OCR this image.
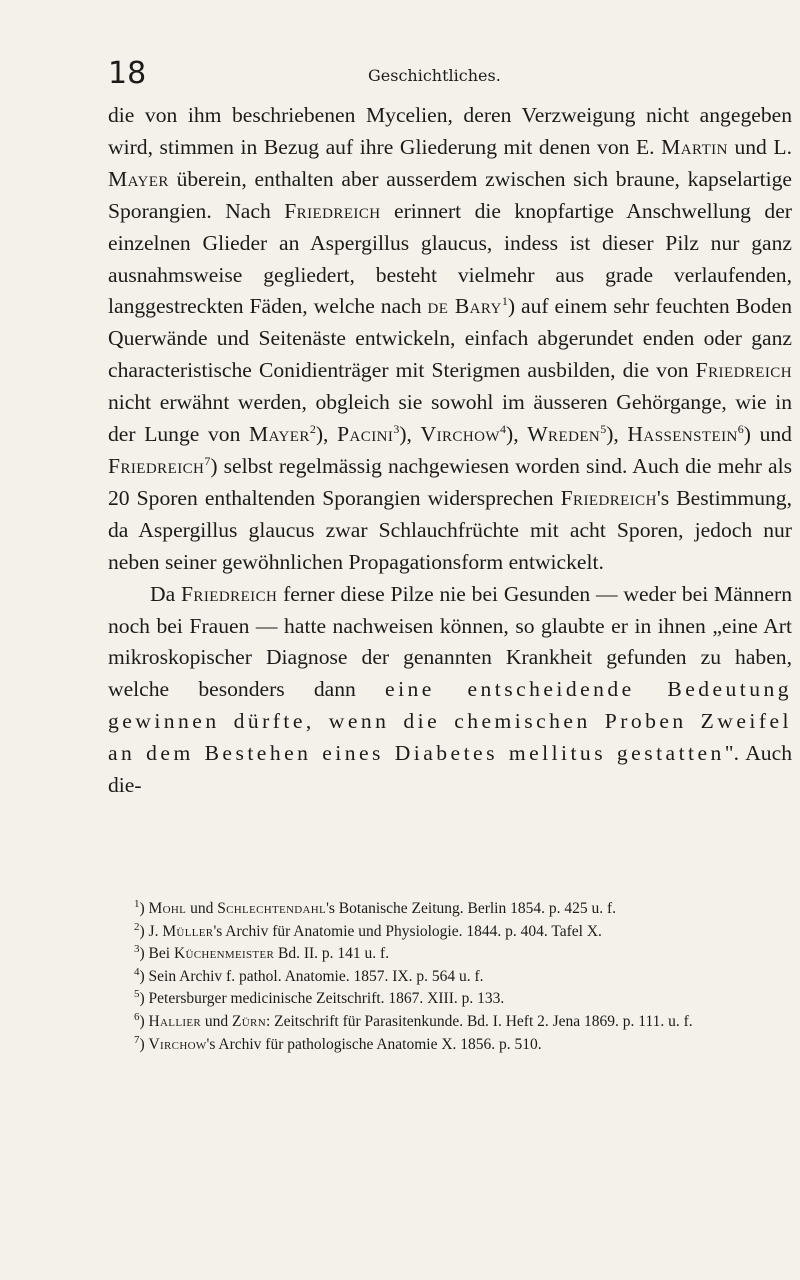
18	Geschichtliches.

die von ihm beschriebenen Mycelien, deren Verzweigung nicht angegeben wird, stimmen in Bezug auf ihre Gliederung mit denen von E. Martin und L. Mayer überein, enthalten aber ausserdem zwischen sich braune, kapselartige Sporangien. Nach Friedreich erinnert die knopfartige Anschwellung der einzelnen Glieder an Aspergillus glaucus, indess ist dieser Pilz nur ganz ausnahmsweise gegliedert, besteht vielmehr aus grade verlaufenden, langgestreckten Fäden, welche nach de Bary$^1$) auf einem sehr feuchten Boden Querwände und Seitenäste entwickeln, einfach abgerundet enden oder ganz characteristische Conidienträger mit Sterigmen ausbilden, die von Friedreich nicht erwähnt werden, obgleich sie sowohl im äusseren Gehörgange, wie in der Lunge von Mayer$^2$), Pacini$^3$), Virchow$^4$), Wreden$^5$), Hassenstein$^6$) und Friedreich$^7$) selbst regelmässig nachgewiesen worden sind. Auch die mehr als 20 Sporen enthaltenden Sporangien widersprechen Friedreich's Bestimmung, da Aspergillus glaucus zwar Schlauchfrüchte mit acht Sporen, jedoch nur neben seiner gewöhnlichen Propagationsform entwickelt.

Da Friedreich ferner diese Pilze nie bei Gesunden — weder bei Männern noch bei Frauen — hatte nachweisen können, so glaubte er in ihnen „eine Art mikroskopischer Diagnose der genannten Krankheit gefunden zu haben, welche besonders dann eine entscheidende Bedeutung gewinnen dürfte, wenn die chemischen Proben Zweifel an dem Bestehen eines Diabetes mellitus gestatten". Auch die-

$^1$) Mohl und Schlechtendahl's Botanische Zeitung. Berlin 1854. p. 425 u. f.
$^2$) J. Müller's Archiv für Anatomie und Physiologie. 1844. p. 404. Tafel X.
$^3$) Bei Küchenmeister Bd. II. p. 141 u. f.
$^4$) Sein Archiv f. pathol. Anatomie. 1857. IX. p. 564 u. f.
$^5$) Petersburger medicinische Zeitschrift. 1867. XIII. p. 133.
$^6$) Hallier und Zürn: Zeitschrift für Parasitenkunde. Bd. I. Heft 2. Jena 1869. p. 111. u. f.
$^7$) Virchow's Archiv für pathologische Anatomie X. 1856. p. 510.
